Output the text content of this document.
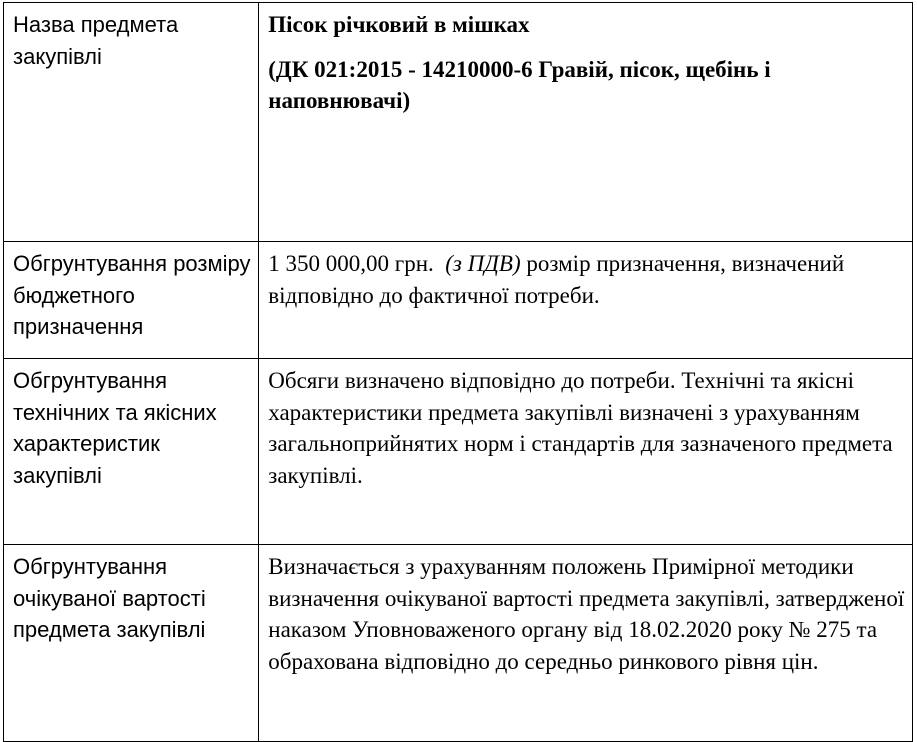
Назва предмета закупівлі	Пісок річковий в мішках
(ДК 021:2015 - 14210000-6 Гравій, пісок, щебінь і наповнювачі)

Обгрунтування розміру бюджетного призначення	1 350 000,00 грн. (з ПДВ) розмір призначення, визначений відповідно до фактичної потреби.
Обгрунтування технічних та якісних характеристик закупівлі	Обсяги визначено відповідно до потреби. Технічні та якісні характеристики предмета закупівлі визначені з урахуванням загальноприйнятих норм і стандартів для зазначеного предмета закупівлі.
Обгрунтування очікуваної вартості предмета закупівлі	Визначається з урахуванням положень Примірної методики визначення очікуваної вартості предмета закупівлі, затвердженої наказом Уповноваженого органу від 18.02.2020 року № 275 та обрахована відповідно до середньо ринкового рівня цін.
